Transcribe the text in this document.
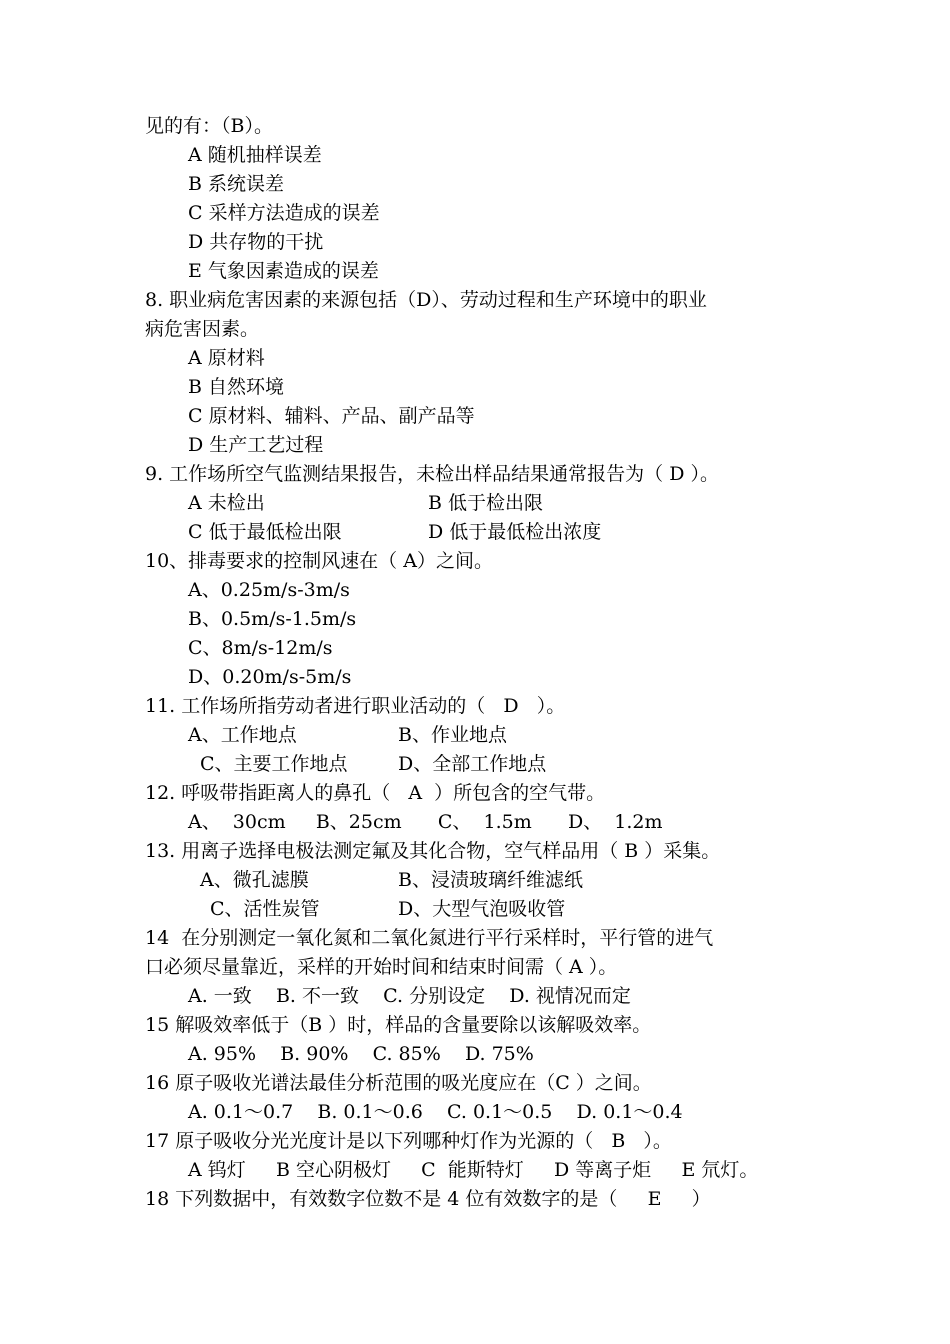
见的有：（B）。
A 随机抽样误差
B 系统误差
C 采样方法造成的误差
D 共存物的干扰
E 气象因素造成的误差
8. 职业病危害因素的来源包括（D）、劳动过程和生产环境中的职业
病危害因素。
A 原材料
B 自然环境
C 原材料、辅料、产品、副产品等
D 生产工艺过程
9. 工作场所空气监测结果报告，未检出样品结果通常报告为（ D ）。
A 未检出	B 低于检出限
C 低于最低检出限	D 低于最低检出浓度
10、排毒要求的控制风速在（ A）之间。
A、0.25m/s-3m/s
B、0.5m/s-1.5m/s
C、8m/s-12m/s
D、0.20m/s-5m/s
11. 工作场所指劳动者进行职业活动的（   D   ）。
A、工作地点	B、作业地点
C、主要工作地点	D、全部工作地点
12. 呼吸带指距离人的鼻孔（   A  ）所包含的空气带。
A、  30cm     B、25cm      C、  1.5m      D、  1.2m
13. 用离子选择电极法测定氟及其化合物，空气样品用（ B ）采集。
A、微孔滤膜	B、浸渍玻璃纤维滤纸
C、活性炭管	D、大型气泡吸收管
14  在分别测定一氧化氮和二氧化氮进行平行采样时，平行管的进气
口必须尽量靠近，采样的开始时间和结束时间需（ A ）。
A. 一致    B. 不一致    C. 分别设定    D. 视情况而定
15 解吸效率低于（B ）时，样品的含量要除以该解吸效率。
A. 95%    B. 90%    C. 85%    D. 75%
16 原子吸收光谱法最佳分析范围的吸光度应在（C ）之间。
A. 0.1～0.7    B. 0.1～0.6    C. 0.1～0.5    D. 0.1～0.4
17 原子吸收分光光度计是以下列哪种灯作为光源的（   B   ）。
A 钨灯     B 空心阴极灯     C  能斯特灯     D 等离子炬     E 氘灯。
18 下列数据中，有效数字位数不是 4 位有效数字的是（     E     ）
